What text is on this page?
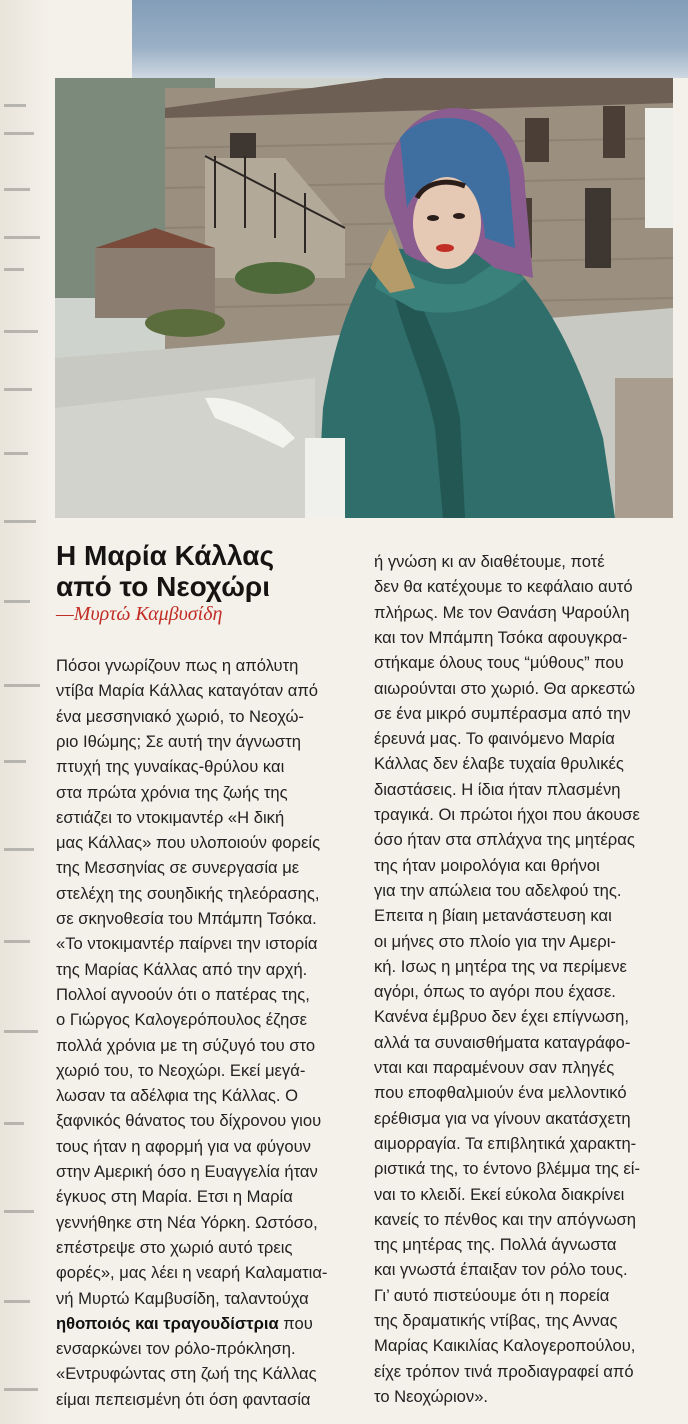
Η Μαρία Κάλλας
από το Νεοχώρι
—Μυρτώ Καμβυσίδη
Πόσοι γνωρίζουν πως η απόλυτη
ντίβα Μαρία Κάλλας καταγόταν από
ένα μεσσηνιακό χωριό, το Νεοχώ-
ριο Ιθώμης; Σε αυτή την άγνωστη
πτυχή της γυναίκας-θρύλου και
στα πρώτα χρόνια της ζωής της
εστιάζει το ντοκιμαντέρ «Η δική
μας Κάλλας» που υλοποιούν φορείς
της Μεσσηνίας σε συνεργασία με
στελέχη της σουηδικής τηλεόρασης,
σε σκηνοθεσία του Μπάμπη Τσόκα.
«Το ντοκιμαντέρ παίρνει την ιστορία
της Μαρίας Κάλλας από την αρχή.
Πολλοί αγνοούν ότι ο πατέρας της,
ο Γιώργος Καλογερόπουλος έζησε
πολλά χρόνια με τη σύζυγό του στο
χωριό του, το Νεοχώρι. Εκεί μεγά-
λωσαν τα αδέλφια της Κάλλας. Ο
ξαφνικός θάνατος του δίχρονου γιου
τους ήταν η αφορμή για να φύγουν
στην Αμερική όσο η Ευαγγελία ήταν
έγκυος στη Μαρία. Ετσι η Μαρία
γεννήθηκε στη Νέα Υόρκη. Ωστόσο,
επέστρεψε στο χωριό αυτό τρεις
φορές», μας λέει η νεαρή Καλαματια-
νή Μυρτώ Καμβυσίδη, ταλαντούχα
ηθοποιός και τραγουδίστρια που
ενσαρκώνει τον ρόλο-πρόκληση.
«Εντρυφώντας στη ζωή της Κάλλας
είμαι πεπεισμένη ότι όση φαντασία
ή γνώση κι αν διαθέτουμε, ποτέ
δεν θα κατέχουμε το κεφάλαιο αυτό
πλήρως. Με τον Θανάση Ψαρούλη
και τον Μπάμπη Τσόκα αφουγκρα-
στήκαμε όλους τους “μύθους” που
αιωρούνται στο χωριό. Θα αρκεστώ
σε ένα μικρό συμπέρασμα από την
έρευνά μας. Το φαινόμενο Μαρία
Κάλλας δεν έλαβε τυχαία θρυλικές
διαστάσεις. Η ίδια ήταν πλασμένη
τραγικά. Οι πρώτοι ήχοι που άκουσε
όσο ήταν στα σπλάχνα της μητέρας
της ήταν μοιρολόγια και θρήνοι
για την απώλεια του αδελφού της.
Επειτα η βίαιη μετανάστευση και
οι μήνες στο πλοίο για την Αμερι-
κή. Ισως η μητέρα της να περίμενε
αγόρι, όπως το αγόρι που έχασε.
Κανένα έμβρυο δεν έχει επίγνωση,
αλλά τα συναισθήματα καταγράφο-
νται και παραμένουν σαν πληγές
που εποφθαλμιούν ένα μελλοντικό
ερέθισμα για να γίνουν ακατάσχετη
αιμορραγία. Τα επιβλητικά χαρακτη-
ριστικά της, το έντονο βλέμμα της εί-
ναι το κλειδί. Εκεί εύκολα διακρίνει
κανείς το πένθος και την απόγνωση
της μητέρας της. Πολλά άγνωστα
και γνωστά έπαιξαν τον ρόλο τους.
Γι’ αυτό πιστεύουμε ότι η πορεία
της δραματικής ντίβας, της Αννας
Μαρίας Καικιλίας Καλογεροπούλου,
είχε τρόπον τινά προδιαγραφεί από
το Νεοχώριον».
